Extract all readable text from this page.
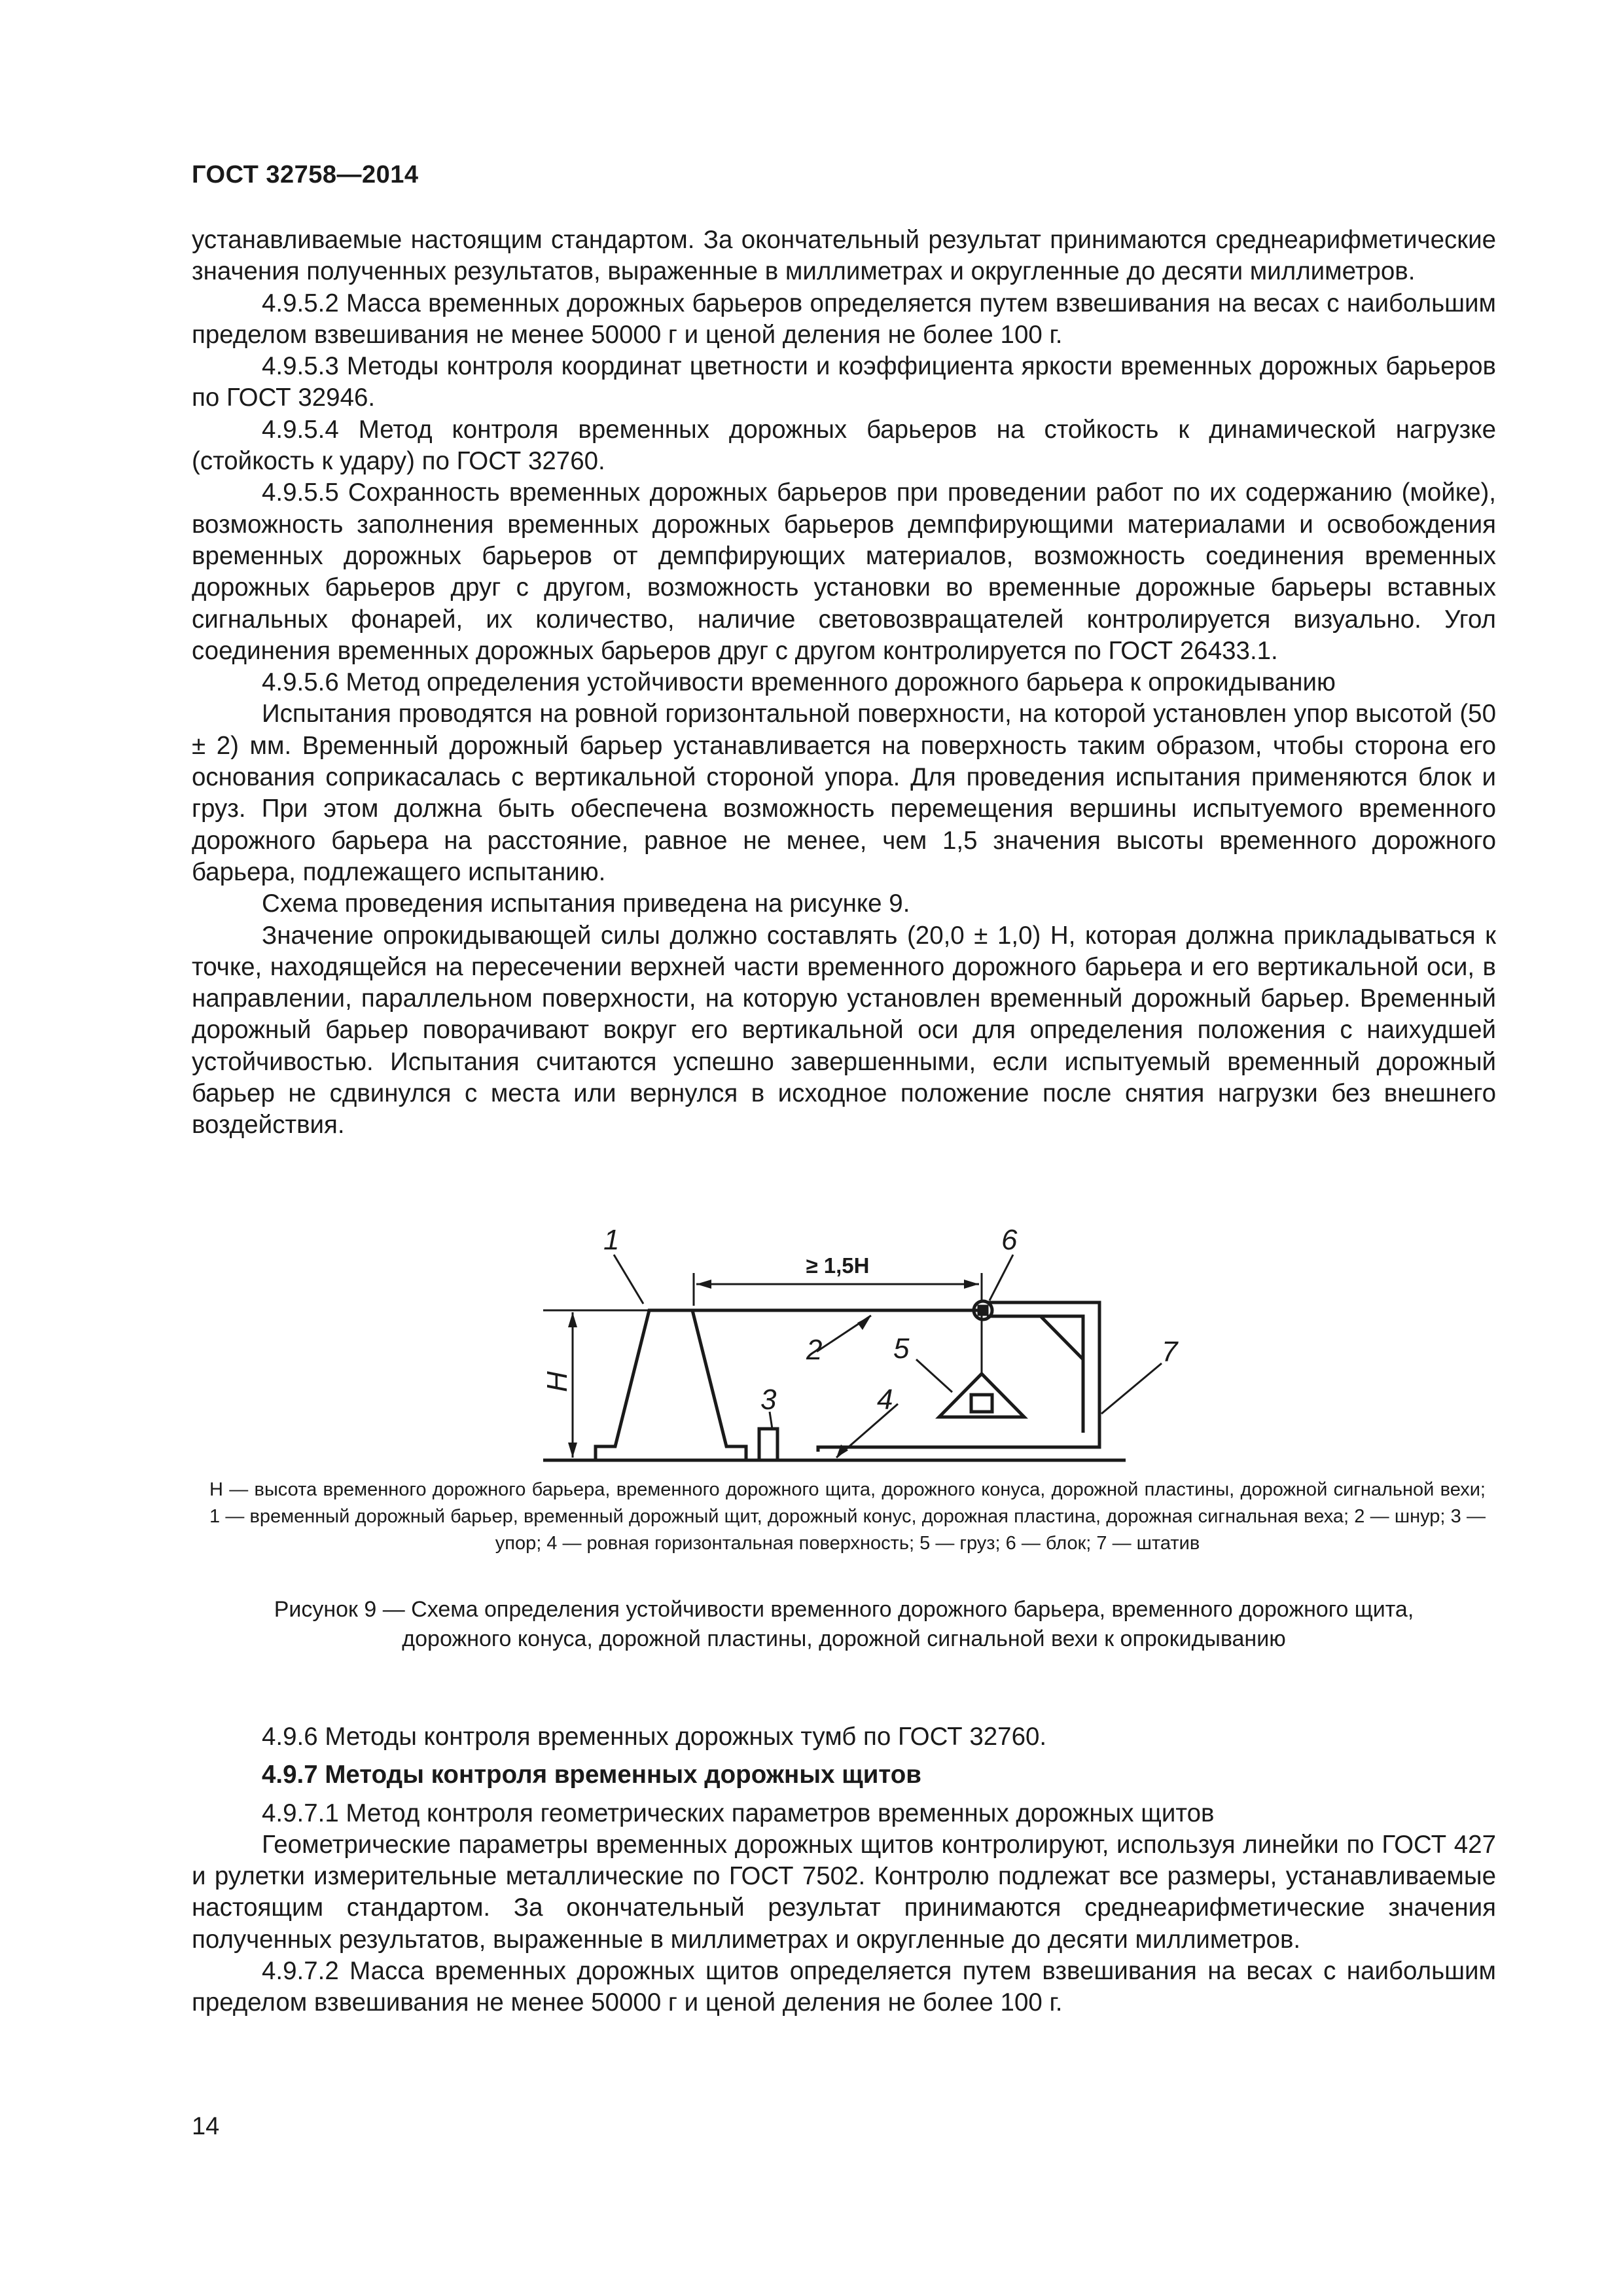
ГОСТ 32758—2014

устанавливаемые настоящим стандартом. За окончательный результат принимаются среднеарифметические значения полученных результатов, выраженные в миллиметрах и округленные до десяти миллиметров.

4.9.5.2 Масса временных дорожных барьеров определяется путем взвешивания на весах с наибольшим пределом взвешивания не менее 50000 г и ценой деления не более 100 г.

4.9.5.3 Методы контроля координат цветности и коэффициента яркости временных дорожных барьеров по ГОСТ 32946.

4.9.5.4 Метод контроля временных дорожных барьеров на стойкость к динамической нагрузке (стойкость к удару) по ГОСТ 32760.

4.9.5.5 Сохранность временных дорожных барьеров при проведении работ по их содержанию (мойке), возможность заполнения временных дорожных барьеров демпфирующими материалами и освобождения временных дорожных барьеров от демпфирующих материалов, возможность соединения временных дорожных барьеров друг с другом, возможность установки во временные дорожные барьеры вставных сигнальных фонарей, их количество, наличие световозвращателей контролируется визуально. Угол соединения временных дорожных барьеров друг с другом контролируется по ГОСТ 26433.1.

4.9.5.6 Метод определения устойчивости временного дорожного барьера к опрокидыванию

Испытания проводятся на ровной горизонтальной поверхности, на которой установлен упор высотой (50 ± 2) мм. Временный дорожный барьер устанавливается на поверхность таким образом, чтобы сторона его основания соприкасалась с вертикальной стороной упора. Для проведения испытания применяются блок и груз. При этом должна быть обеспечена возможность перемещения вершины испытуемого временного дорожного барьера на расстояние, равное не менее, чем 1,5 значения высоты временного дорожного барьера, подлежащего испытанию.

Схема проведения испытания приведена на рисунке 9.

Значение опрокидывающей силы должно составлять (20,0 ± 1,0) Н, которая должна прикладываться к точке, находящейся на пересечении верхней части временного дорожного барьера и его вертикальной оси, в направлении, параллельном поверхности, на которую установлен временный дорожный барьер. Временный дорожный барьер поворачивают вокруг его вертикальной оси для определения положения с наихудшей устойчивостью. Испытания считаются успешно завершенными, если испытуемый временный дорожный барьер не сдвинулся с места или вернулся в исходное положение после снятия нагрузки без внешнего воздействия.

1
2
3	4
5
6
7
H
≥ 1,5H

H — высота временного дорожного барьера, временного дорожного щита, дорожного конуса, дорожной пластины, дорожной сигнальной вехи; 1 — временный дорожный барьер, временный дорожный щит, дорожный конус, дорожная пластина, дорожная сигнальная веха; 2 — шнур; 3 — упор; 4 — ровная горизонтальная поверхность; 5 — груз; 6 — блок; 7 — штатив

Рисунок 9 — Схема определения устойчивости временного дорожного барьера, временного дорожного щита,

дорожного конуса, дорожной пластины, дорожной сигнальной вехи к опрокидыванию

4.9.6 Методы контроля временных дорожных тумб по ГОСТ 32760.

4.9.7 Методы контроля временных дорожных щитов

4.9.7.1 Метод контроля геометрических параметров временных дорожных щитов

Геометрические параметры временных дорожных щитов контролируют, используя линейки по ГОСТ 427 и рулетки измерительные металлические по ГОСТ 7502. Контролю подлежат все размеры, устанавливаемые настоящим стандартом. За окончательный результат принимаются среднеарифметические значения полученных результатов, выраженные в миллиметрах и округленные до десяти миллиметров.

4.9.7.2 Масса временных дорожных щитов определяется путем взвешивания на весах с наибольшим пределом взвешивания не менее 50000 г и ценой деления не более 100 г.

14
